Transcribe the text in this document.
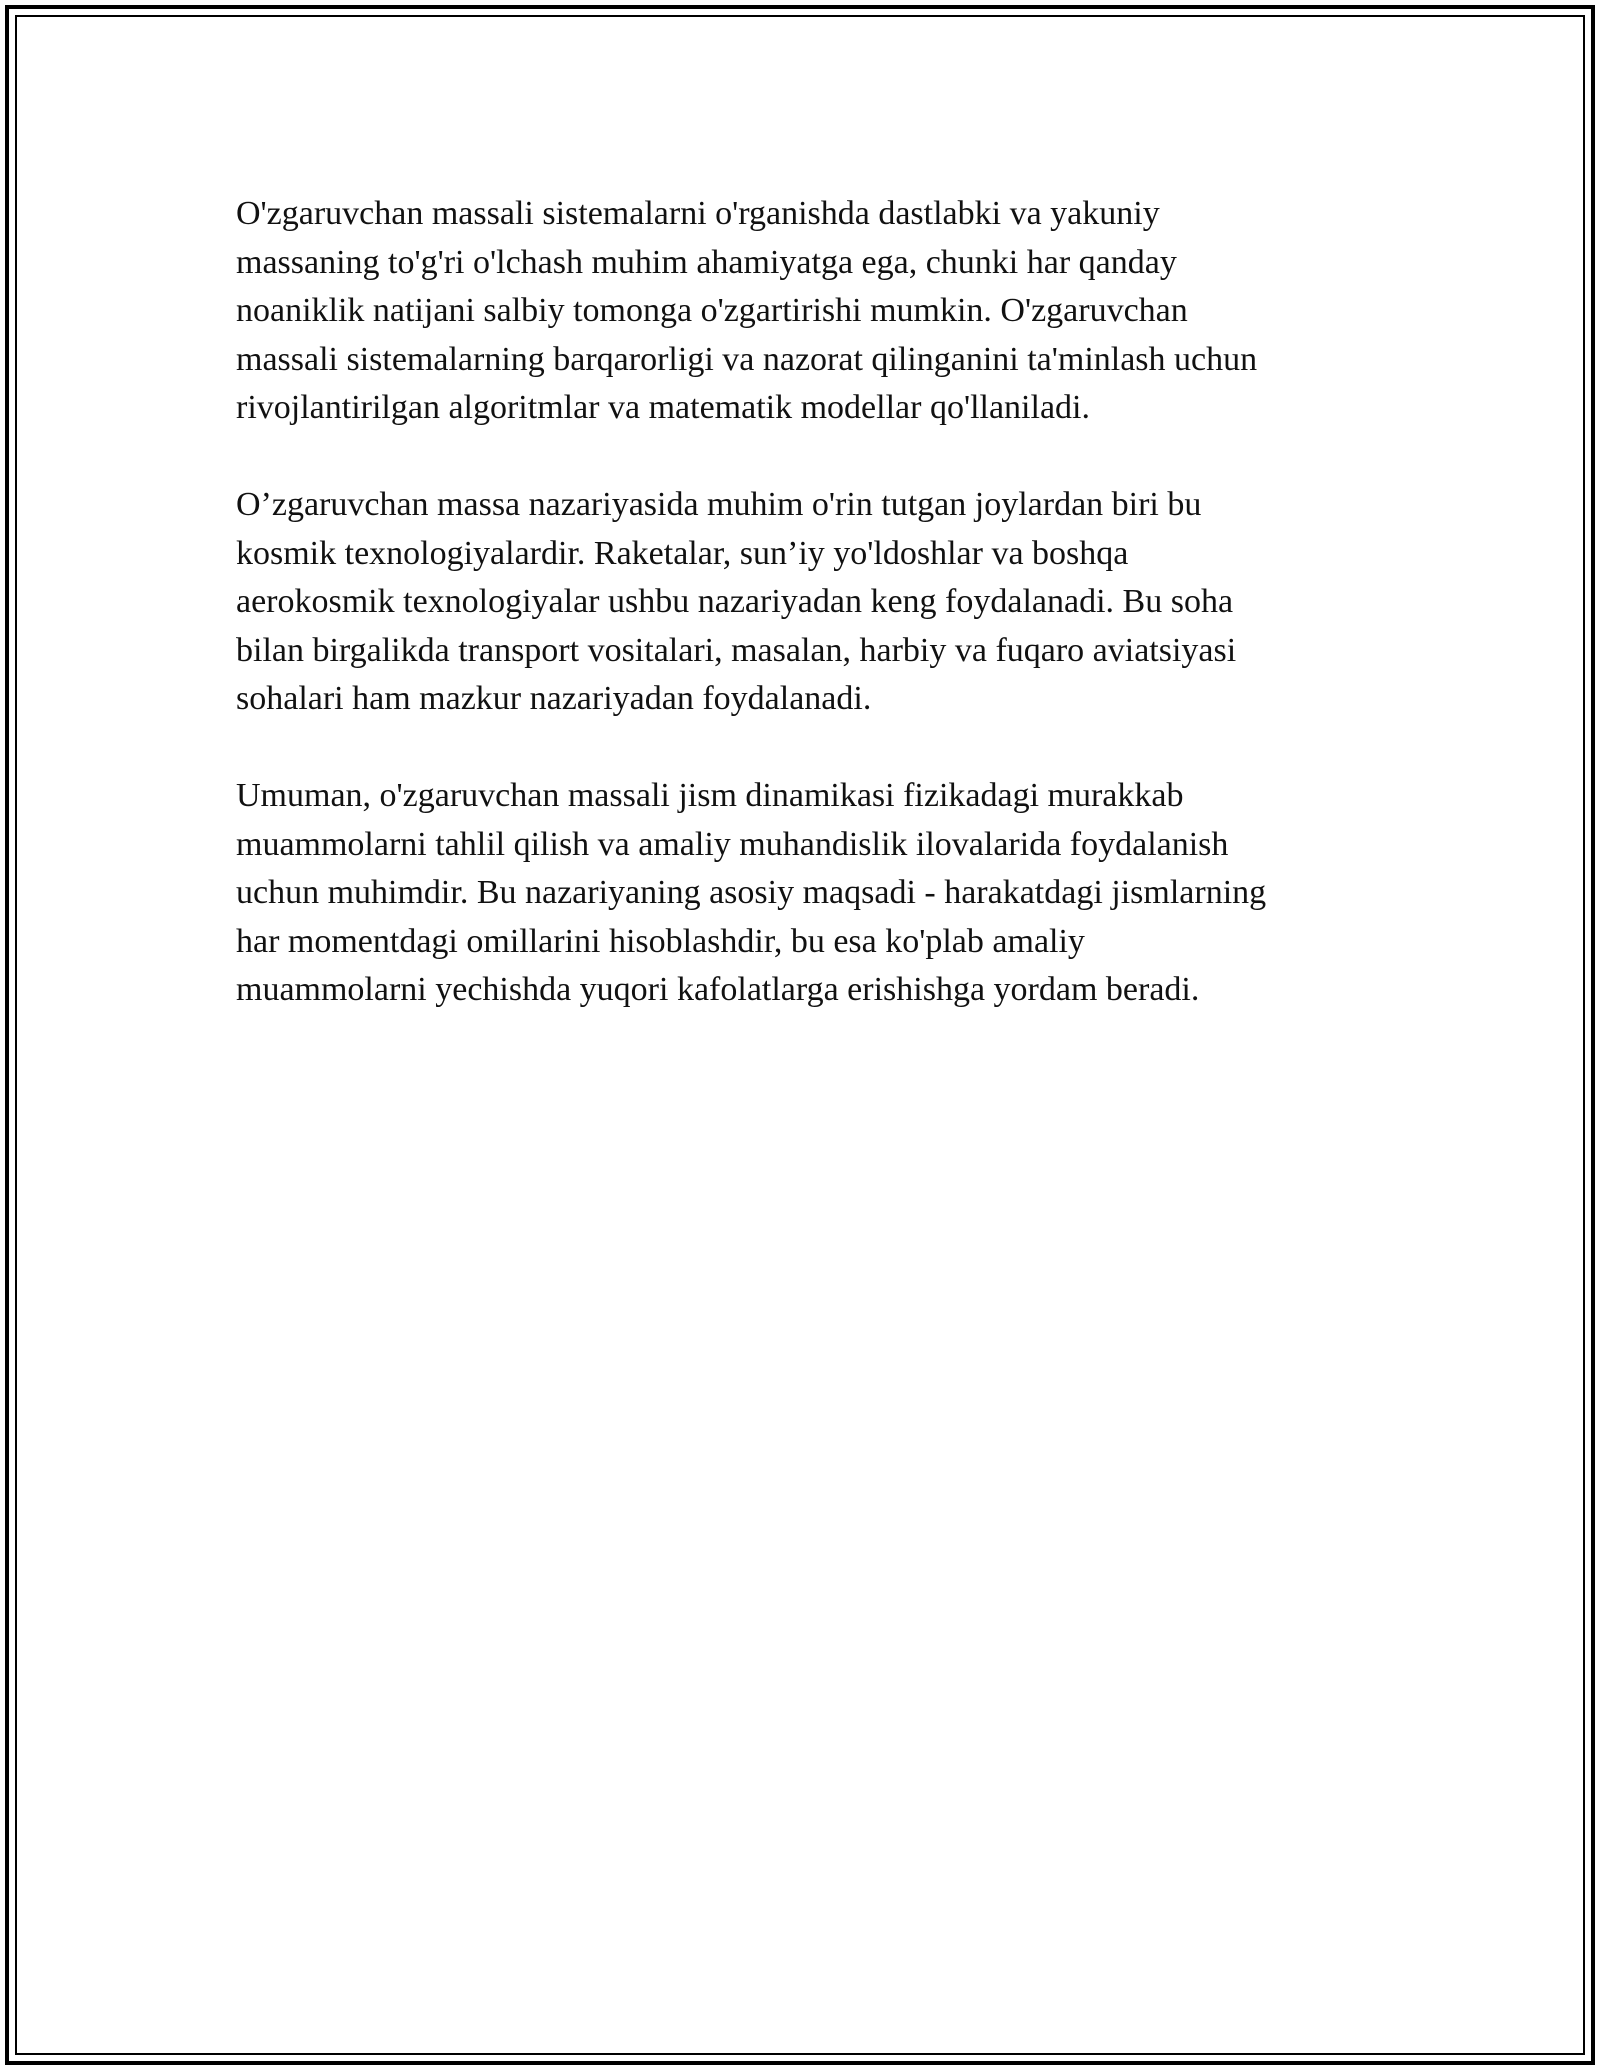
O'zgaruvchan massali sistemalarni o'rganishda dastlabki va yakuniy
massaning to'g'ri o'lchash muhim ahamiyatga ega, chunki har qanday
noaniklik natijani salbiy tomonga o'zgartirishi mumkin. O'zgaruvchan
massali sistemalarning barqarorligi va nazorat qilinganini ta'minlash uchun
rivojlantirilgan algoritmlar va matematik modellar qo'llaniladi.

O’zgaruvchan massa nazariyasida muhim o'rin tutgan joylardan biri bu
kosmik texnologiyalardir. Raketalar, sun’iy yo'ldoshlar va boshqa
aerokosmik texnologiyalar ushbu nazariyadan keng foydalanadi. Bu soha
bilan birgalikda transport vositalari, masalan, harbiy va fuqaro aviatsiyasi
sohalari ham mazkur nazariyadan foydalanadi.

Umuman, o'zgaruvchan massali jism dinamikasi fizikadagi murakkab
muammolarni tahlil qilish va amaliy muhandislik ilovalarida foydalanish
uchun muhimdir. Bu nazariyaning asosiy maqsadi - harakatdagi jismlarning
har momentdagi omillarini hisoblashdir, bu esa ko'plab amaliy
muammolarni yechishda yuqori kafolatlarga erishishga yordam beradi.
